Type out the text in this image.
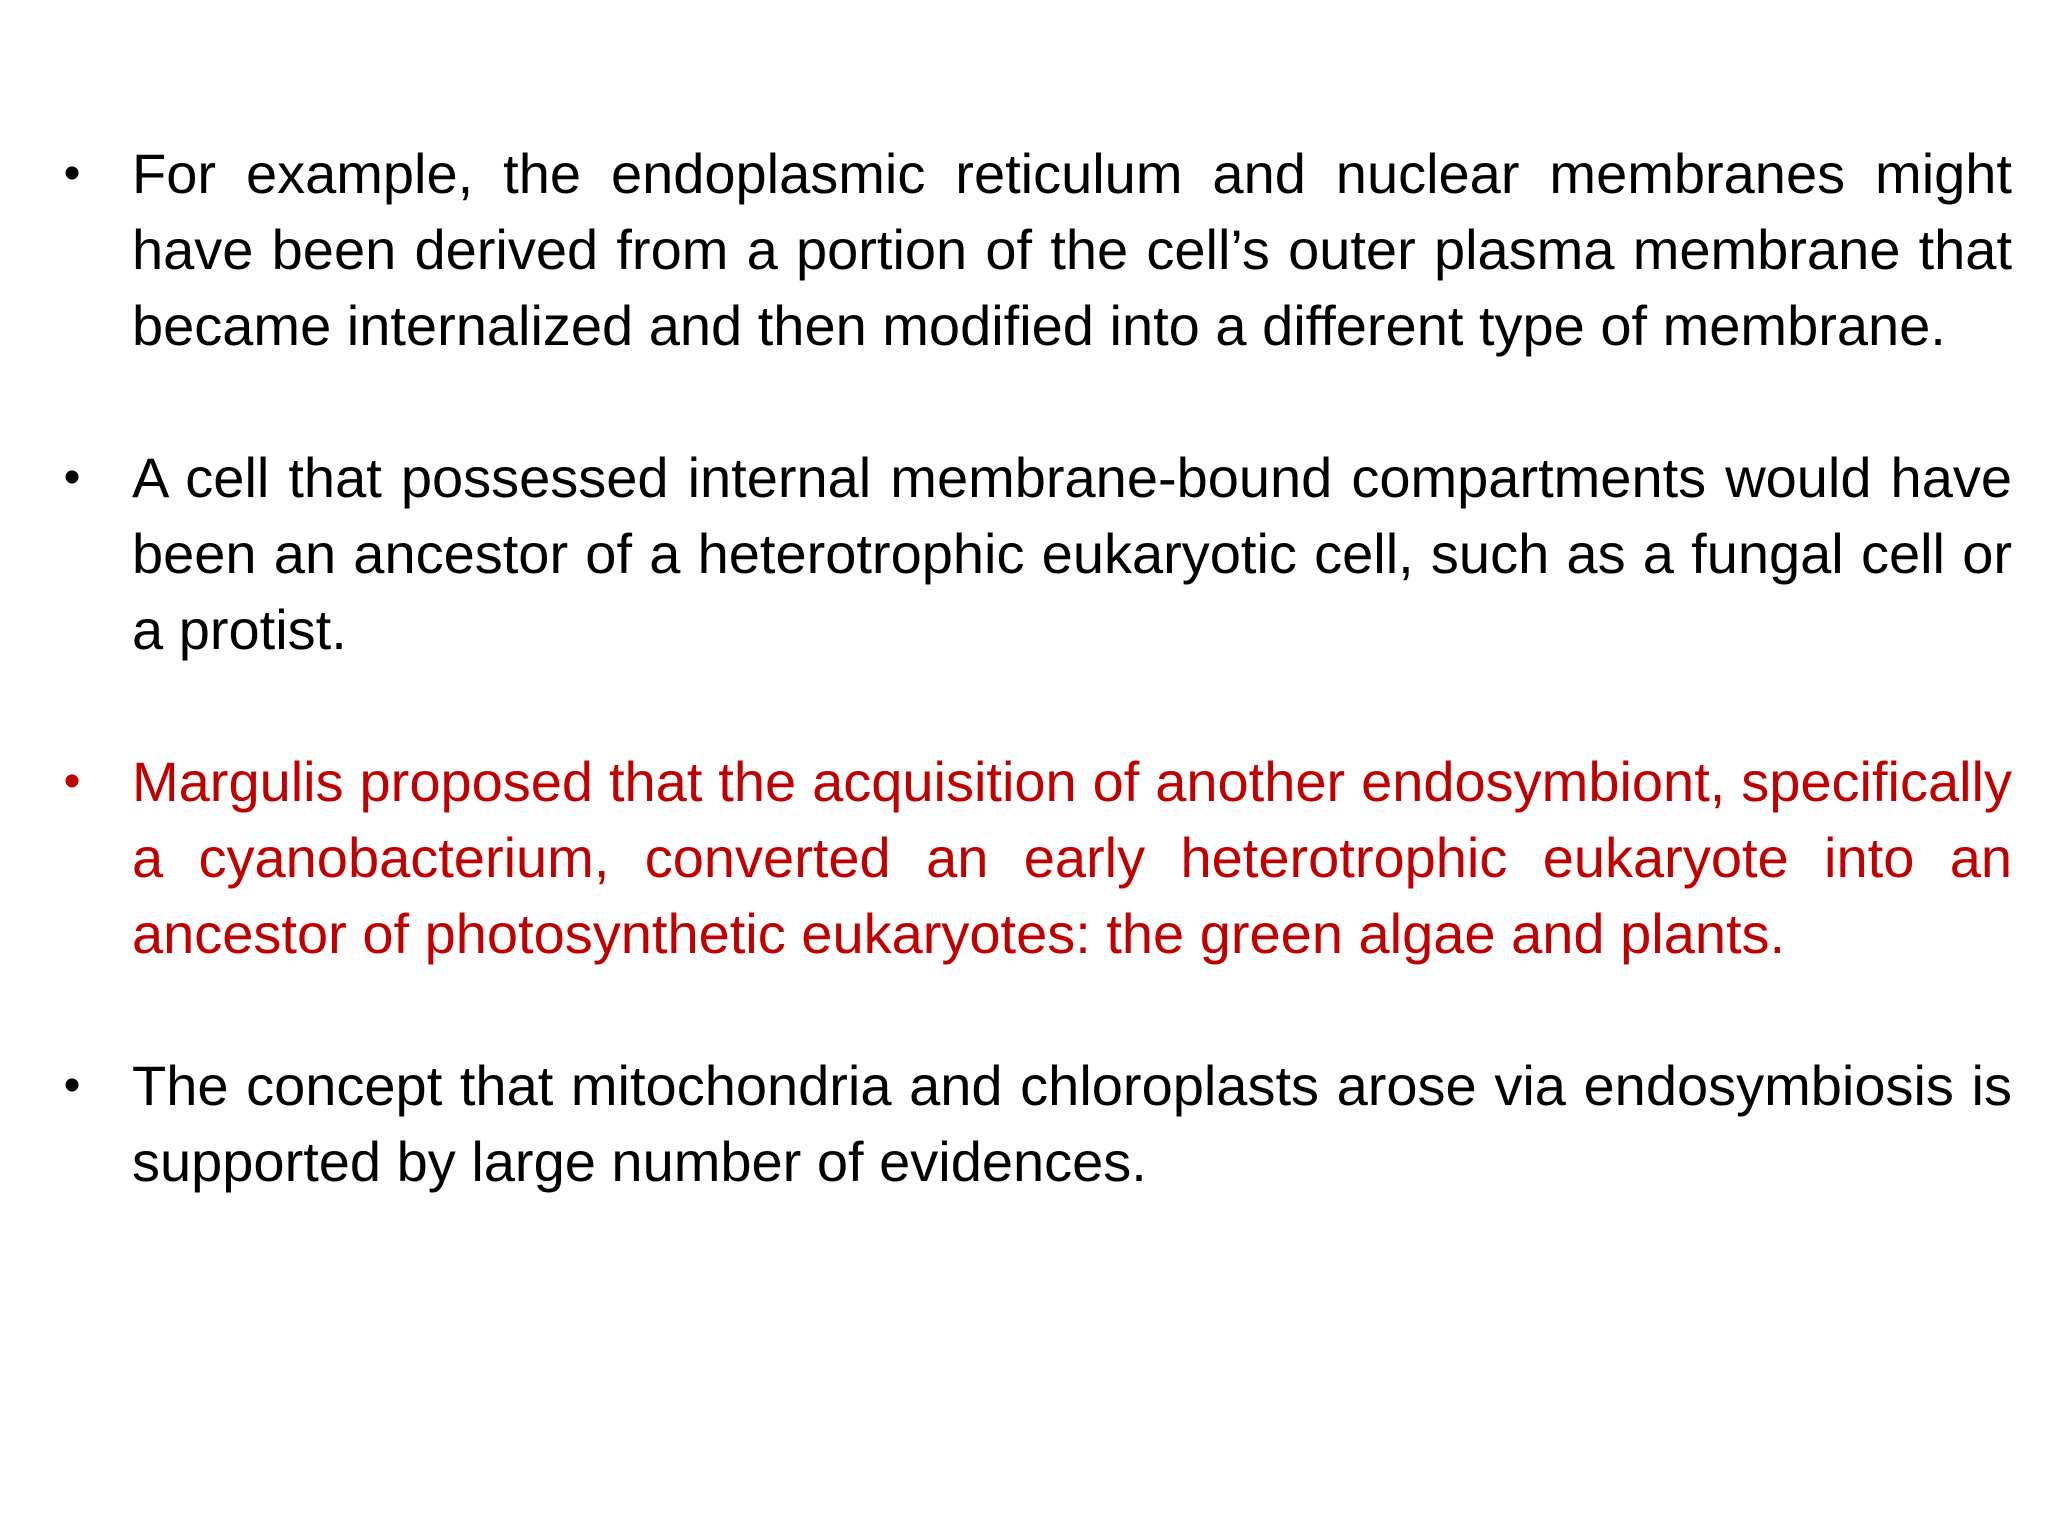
• For example, the endoplasmic reticulum and nuclear membranes might have been derived from a portion of the cell’s outer plasma membrane that became internalized and then modified into a different type of membrane.
• A cell that possessed internal membrane-bound compartments would have been an ancestor of a heterotrophic eukaryotic cell, such as a fungal cell or a protist.
• Margulis proposed that the acquisition of another endosymbiont, specifically a cyanobacterium, converted an early heterotrophic eukaryote into an ancestor of photosynthetic eukaryotes: the green algae and plants.
• The concept that mitochondria and chloroplasts arose via endosymbiosis is supported by large number of evidences.
